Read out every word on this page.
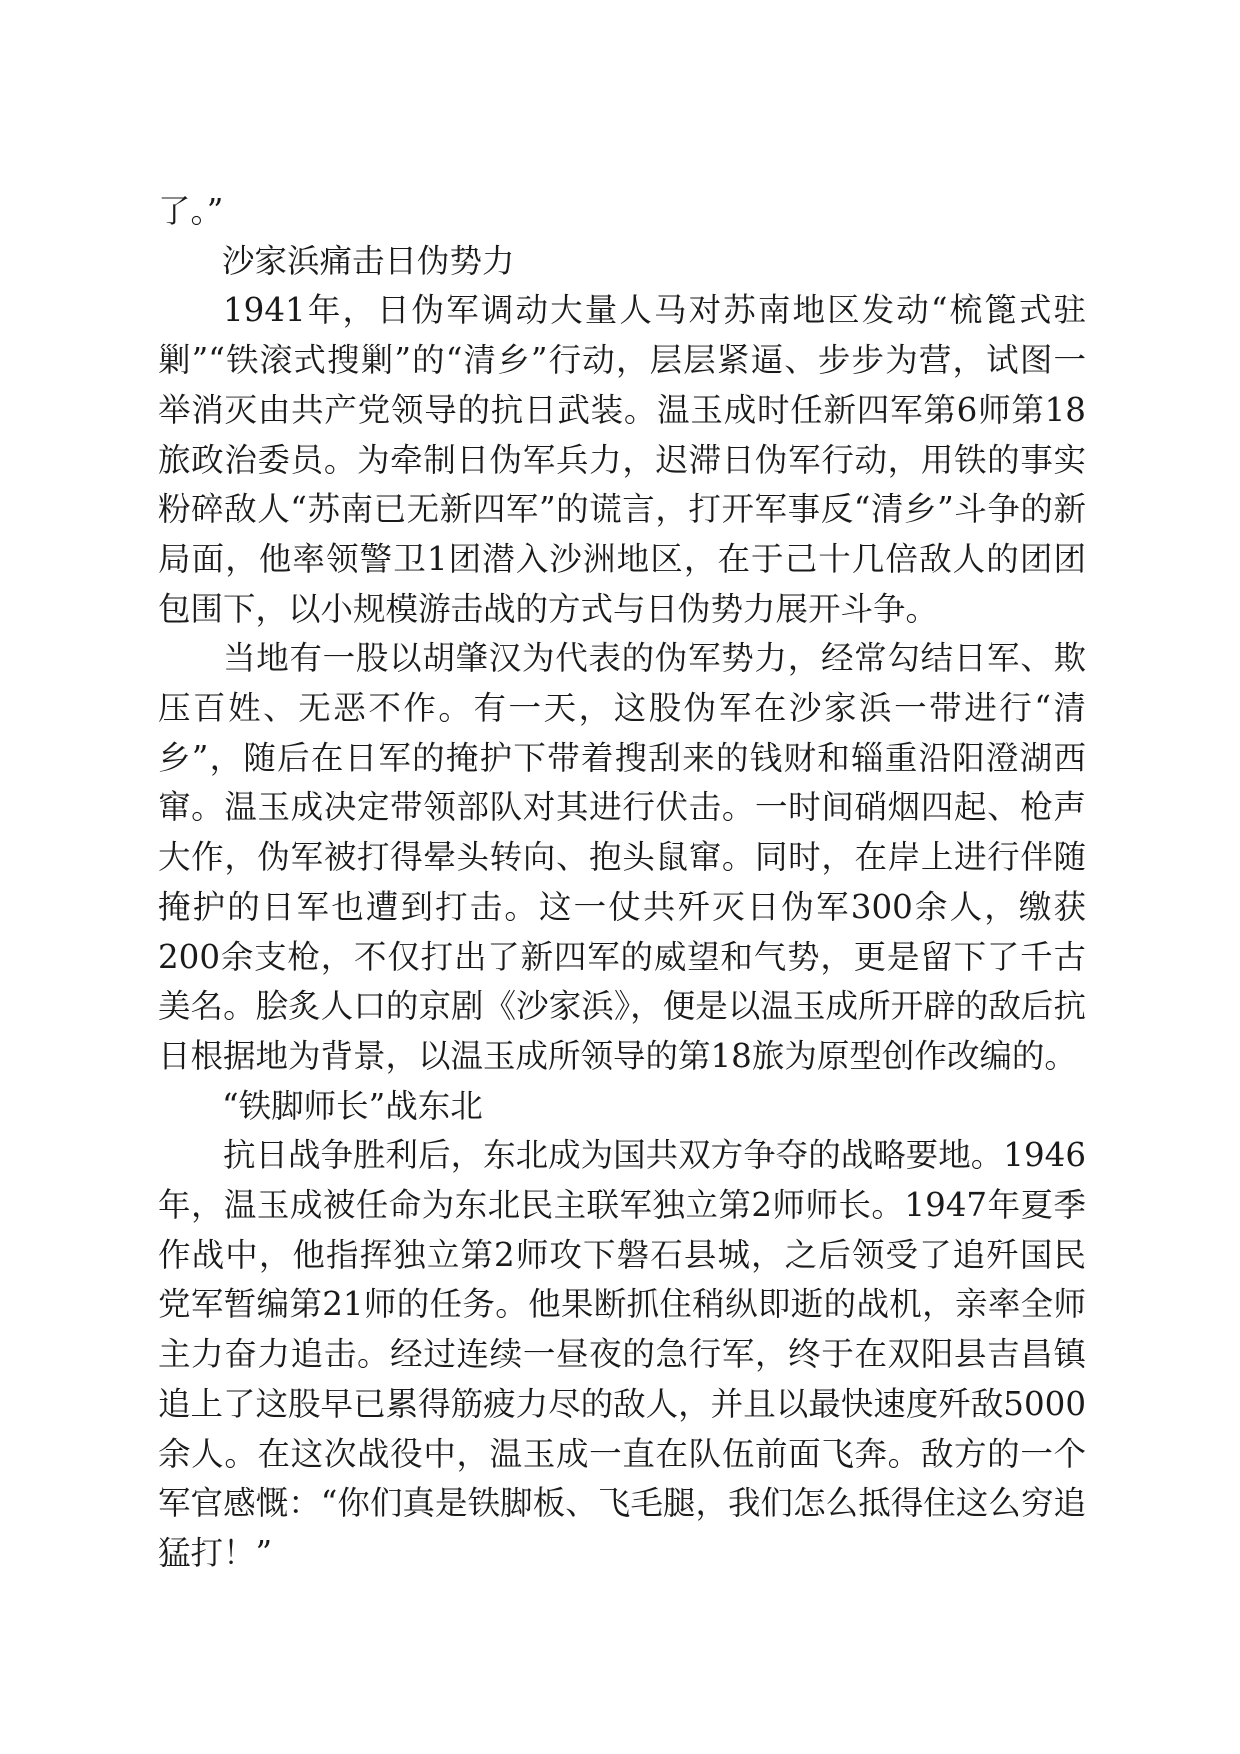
了。”

沙家浜痛击日伪势力

1941年，日伪军调动大量人马对苏南地区发动“梳篦式驻剿”“铁滚式搜剿”的“清乡”行动，层层紧逼、步步为营，试图一举消灭由共产党领导的抗日武装。温玉成时任新四军第6师第18旅政治委员。为牵制日伪军兵力，迟滞日伪军行动，用铁的事实粉碎敌人“苏南已无新四军”的谎言，打开军事反“清乡”斗争的新局面，他率领警卫1团潜入沙洲地区，在于己十几倍敌人的团团包围下，以小规模游击战的方式与日伪势力展开斗争。

当地有一股以胡肇汉为代表的伪军势力，经常勾结日军、欺压百姓、无恶不作。有一天，这股伪军在沙家浜一带进行“清乡”，随后在日军的掩护下带着搜刮来的钱财和辎重沿阳澄湖西窜。温玉成决定带领部队对其进行伏击。一时间硝烟四起、枪声大作，伪军被打得晕头转向、抱头鼠窜。同时，在岸上进行伴随掩护的日军也遭到打击。这一仗共歼灭日伪军300余人，缴获200余支枪，不仅打出了新四军的威望和气势，更是留下了千古美名。脍炙人口的京剧《沙家浜》，便是以温玉成所开辟的敌后抗日根据地为背景，以温玉成所领导的第18旅为原型创作改编的。

“铁脚师长”战东北

抗日战争胜利后，东北成为国共双方争夺的战略要地。1946年，温玉成被任命为东北民主联军独立第2师师长。1947年夏季作战中，他指挥独立第2师攻下磐石县城，之后领受了追歼国民党军暂编第21师的任务。他果断抓住稍纵即逝的战机，亲率全师主力奋力追击。经过连续一昼夜的急行军，终于在双阳县吉昌镇追上了这股早已累得筋疲力尽的敌人，并且以最快速度歼敌5000余人。在这次战役中，温玉成一直在队伍前面飞奔。敌方的一个军官感慨：“你们真是铁脚板、飞毛腿，我们怎么抵得住这么穷追猛打！”
